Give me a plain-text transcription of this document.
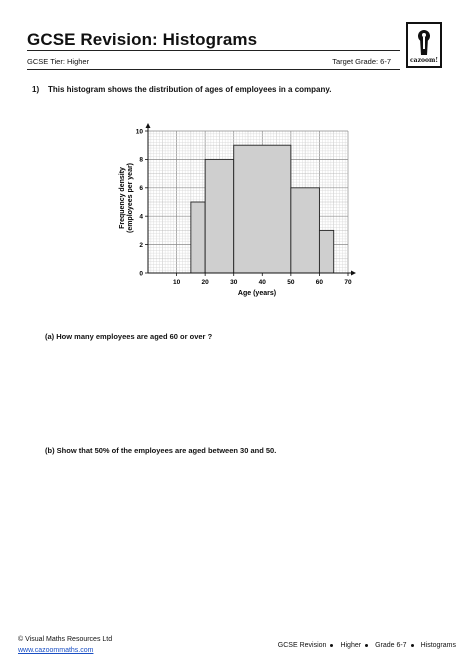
GCSE Revision: Histograms
GCSE Tier: Higher	Target Grade: 6-7	cazoom!
1) This histogram shows the distribution of ages of employees in a company.
10	20	30	40	50	60	70
0
2
4
6
8
10
Age (years)
Frequency density (employees per year)
(a) How many employees are aged 60 or over ?
(b) Show that 50% of the employees are aged between 30 and 50.
© Visual Maths Resources Ltd
www.cazoommaths.com
GCSE Revision Higher Grade 6-7 Histograms
